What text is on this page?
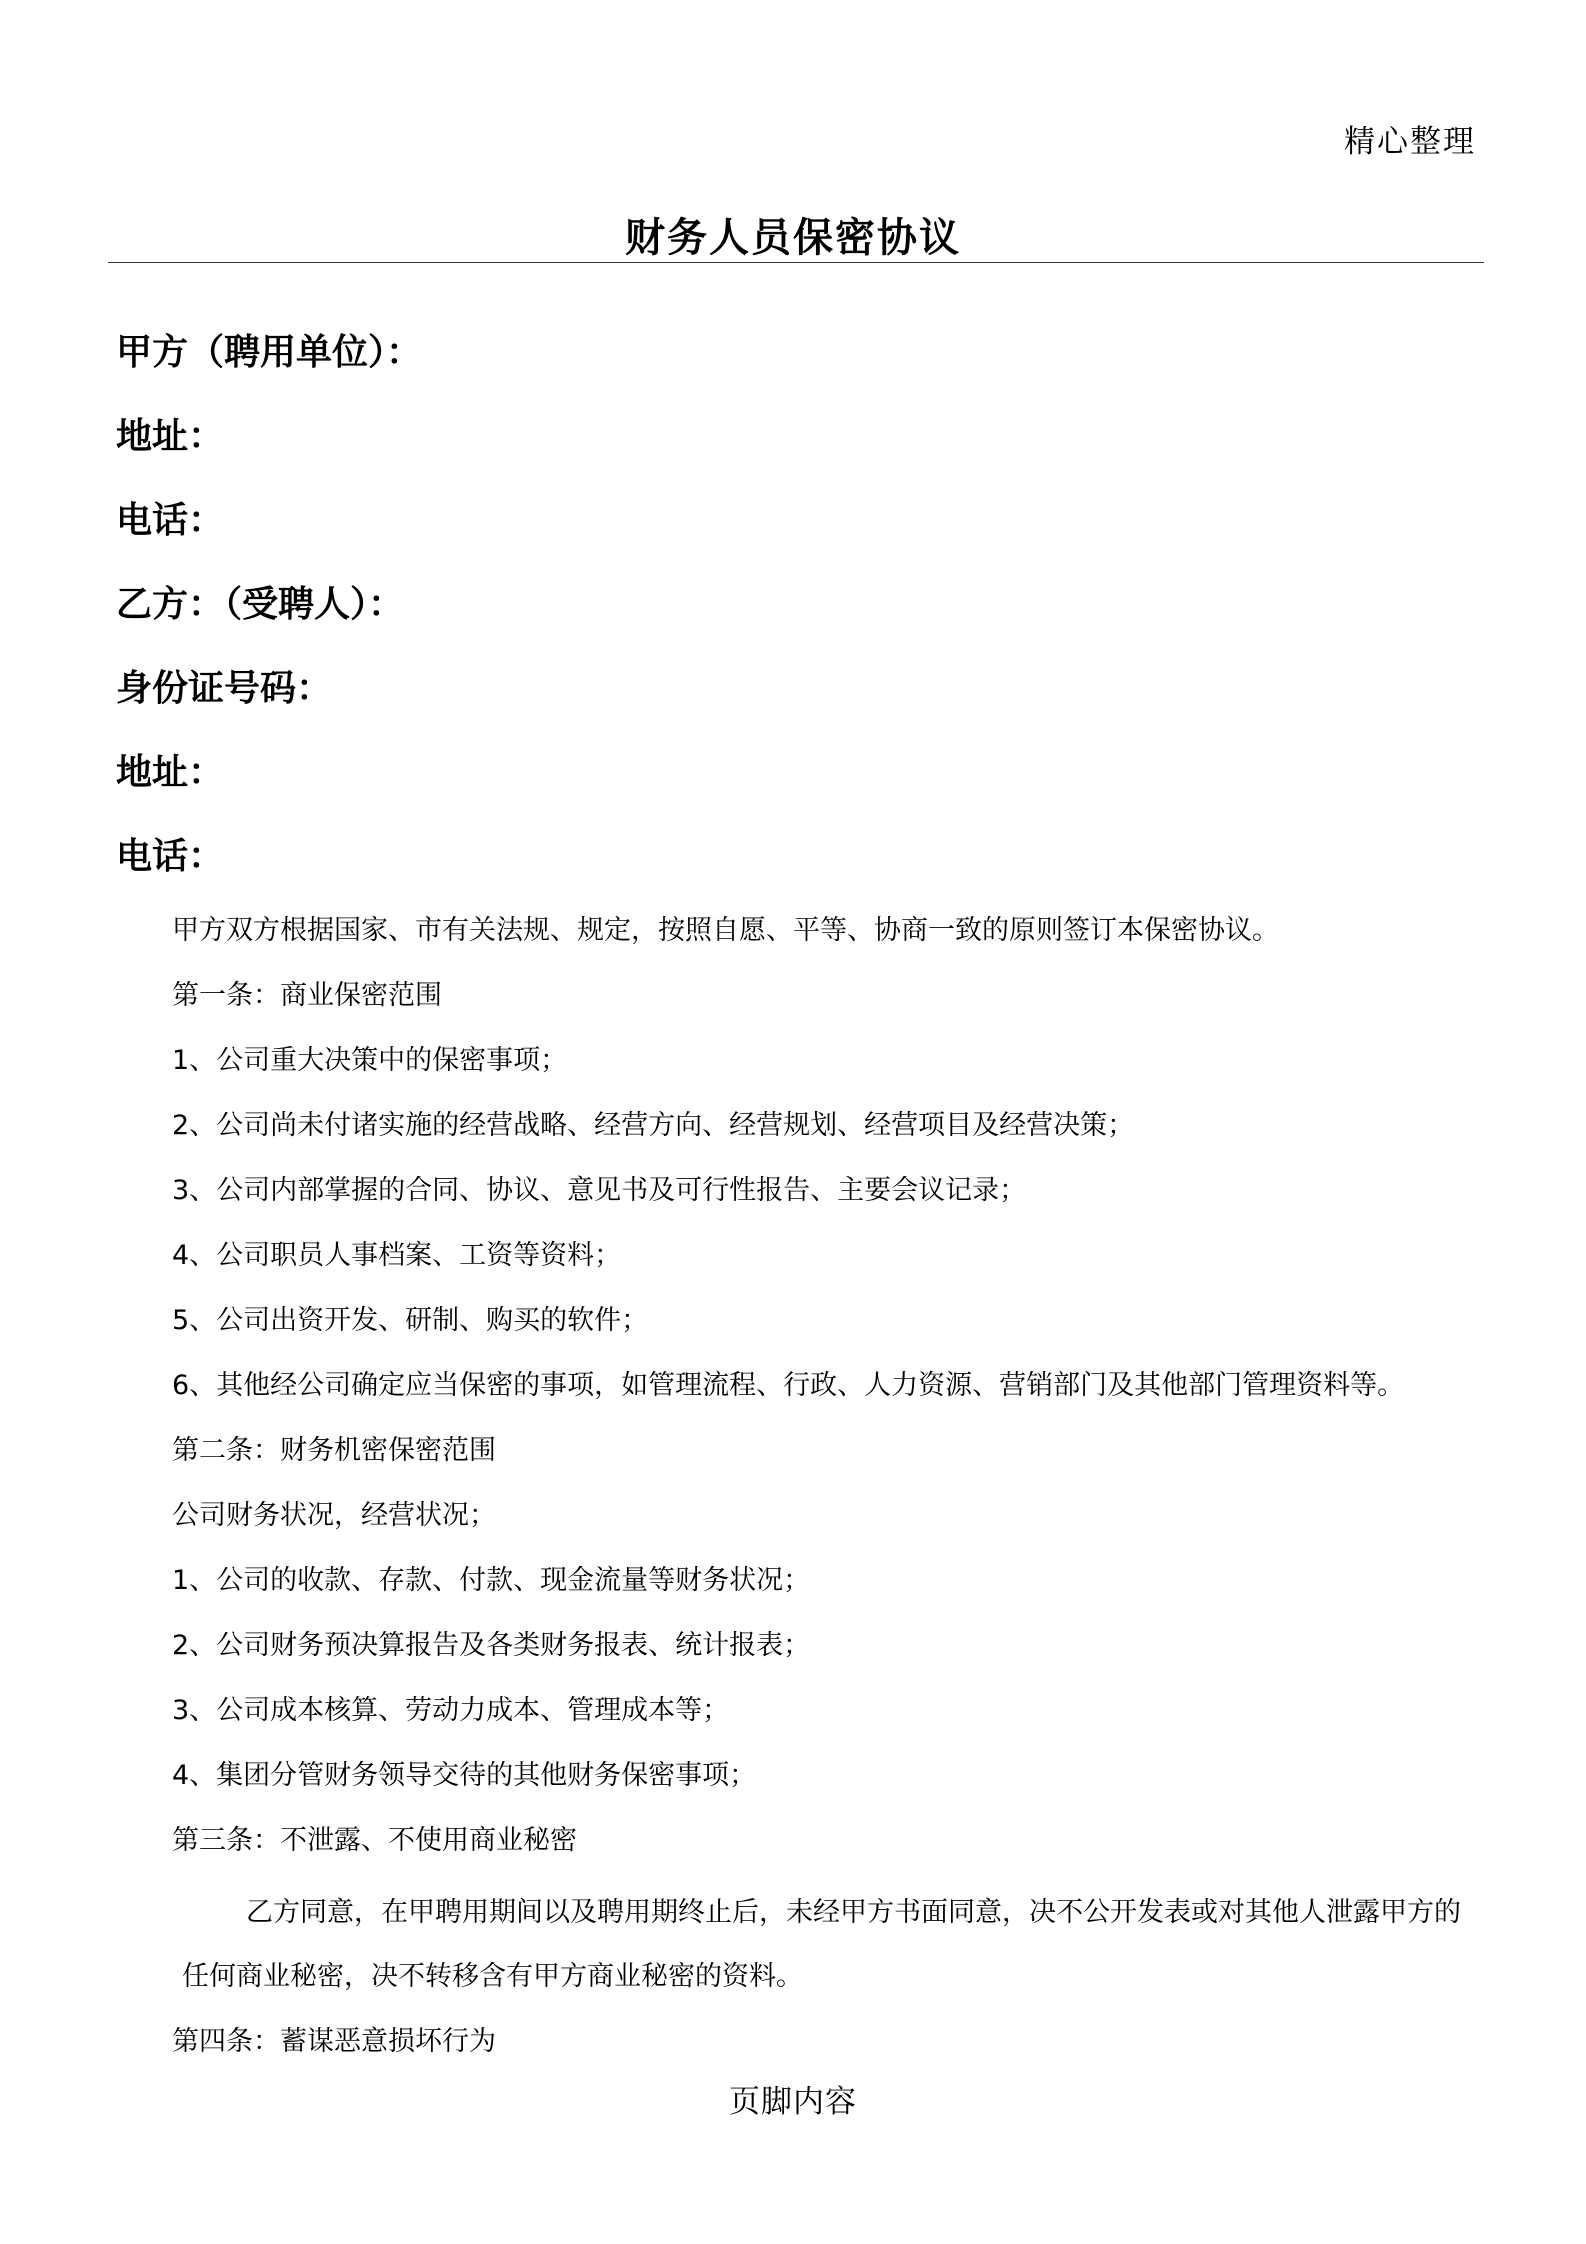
精心整理
财务人员保密协议
甲方（聘用单位）：
地址：
电话：
乙方：（受聘人）：
身份证号码：
地址：
电话：
甲方双方根据国家、市有关法规、规定，按照自愿、平等、协商一致的原则签订本保密协议。
第一条：商业保密范围
1、公司重大决策中的保密事项；
2、公司尚未付诸实施的经营战略、经营方向、经营规划、经营项目及经营决策；
3、公司内部掌握的合同、协议、意见书及可行性报告、主要会议记录；
4、公司职员人事档案、工资等资料；
5、公司出资开发、研制、购买的软件；
6、其他经公司确定应当保密的事项，如管理流程、行政、人力资源、营销部门及其他部门管理资料等。
第二条：财务机密保密范围
公司财务状况，经营状况；
1、公司的收款、存款、付款、现金流量等财务状况；
2、公司财务预决算报告及各类财务报表、统计报表；
3、公司成本核算、劳动力成本、管理成本等；
4、集团分管财务领导交待的其他财务保密事项；
第三条：不泄露、不使用商业秘密
乙方同意，在甲聘用期间以及聘用期终止后，未经甲方书面同意，决不公开发表或对其他人泄露甲方的任何商业秘密，决不转移含有甲方商业秘密的资料。
第四条：蓄谋恶意损坏行为
页脚内容
